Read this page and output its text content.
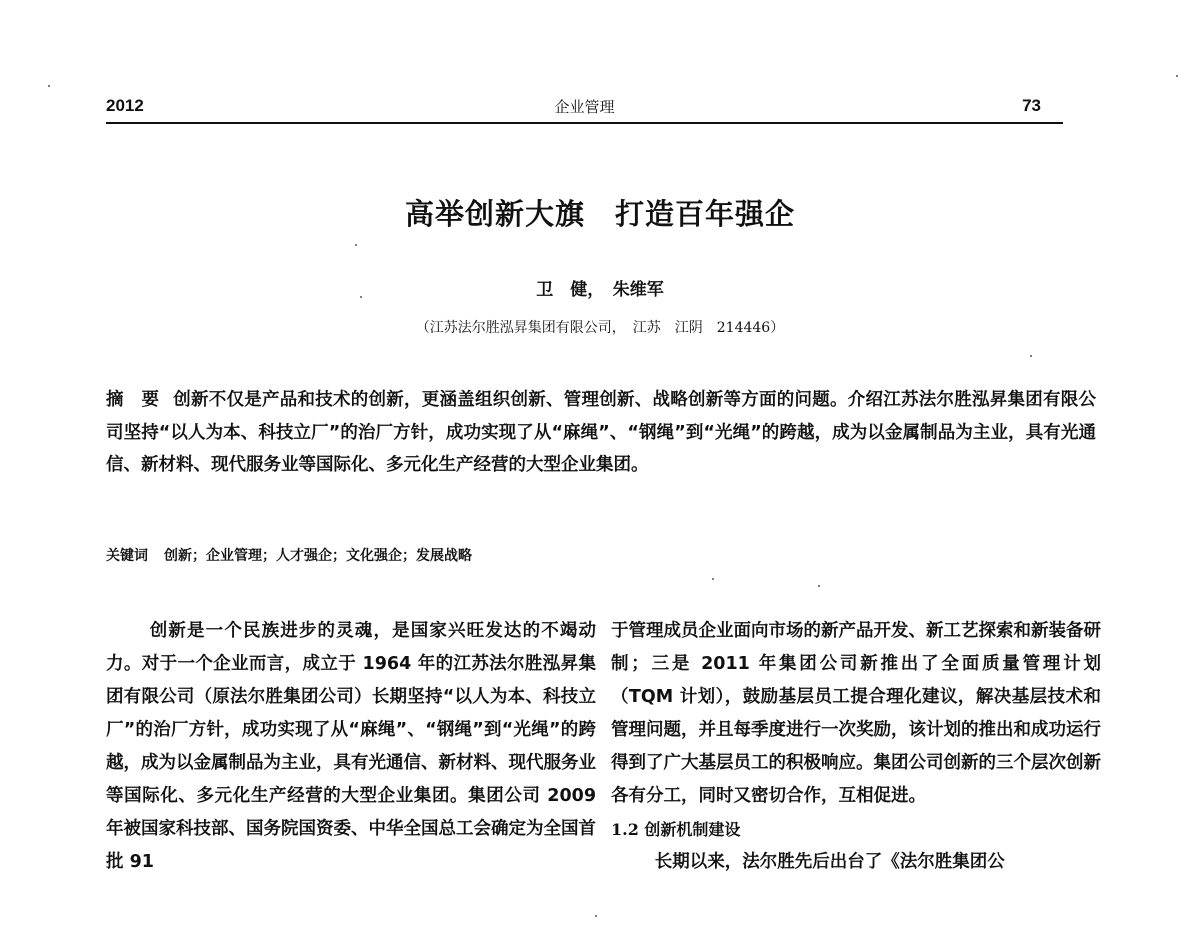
2012	企业管理	73
高举创新大旗　打造百年强企
卫　健，　朱维军
（江苏法尔胜泓昇集团有限公司，　江苏　江阴　214446）
摘　要 创新不仅是产品和技术的创新，更涵盖组织创新、管理创新、战略创新等方面的问题。介绍江苏法尔胜泓昇集团有限公司坚持“以人为本、科技立厂”的治厂方针，成功实现了从“麻绳”、“钢绳”到“光绳”的跨越，成为以金属制品为主业，具有光通信、新材料、现代服务业等国际化、多元化生产经营的大型企业集团。
关键词 创新；企业管理；人才强企；文化强企；发展战略

创新是一个民族进步的灵魂，是国家兴旺发达的不竭动力。对于一个企业而言，成立于 1964 年的江苏法尔胜泓昇集团有限公司（原法尔胜集团公司）长期坚持“以人为本、科技立厂”的治厂方针，成功实现了从“麻绳”、“钢绳”到“光绳”的跨越，成为以金属制品为主业，具有光通信、新材料、现代服务业等国际化、多元化生产经营的大型企业集团。集团公司 2009 年被国家科技部、国务院国资委、中华全国总工会确定为全国首批 91

于管理成员企业面向市场的新产品开发、新工艺探索和新装备研制；三是 2011 年集团公司新推出了全面质量管理计划（TQM 计划），鼓励基层员工提合理化建议，解决基层技术和管理问题，并且每季度进行一次奖励，该计划的推出和成功运行得到了广大基层员工的积极响应。集团公司创新的三个层次创新各有分工，同时又密切合作，互相促进。

1.2 创新机制建设

长期以来，法尔胜先后出台了《法尔胜集团公
